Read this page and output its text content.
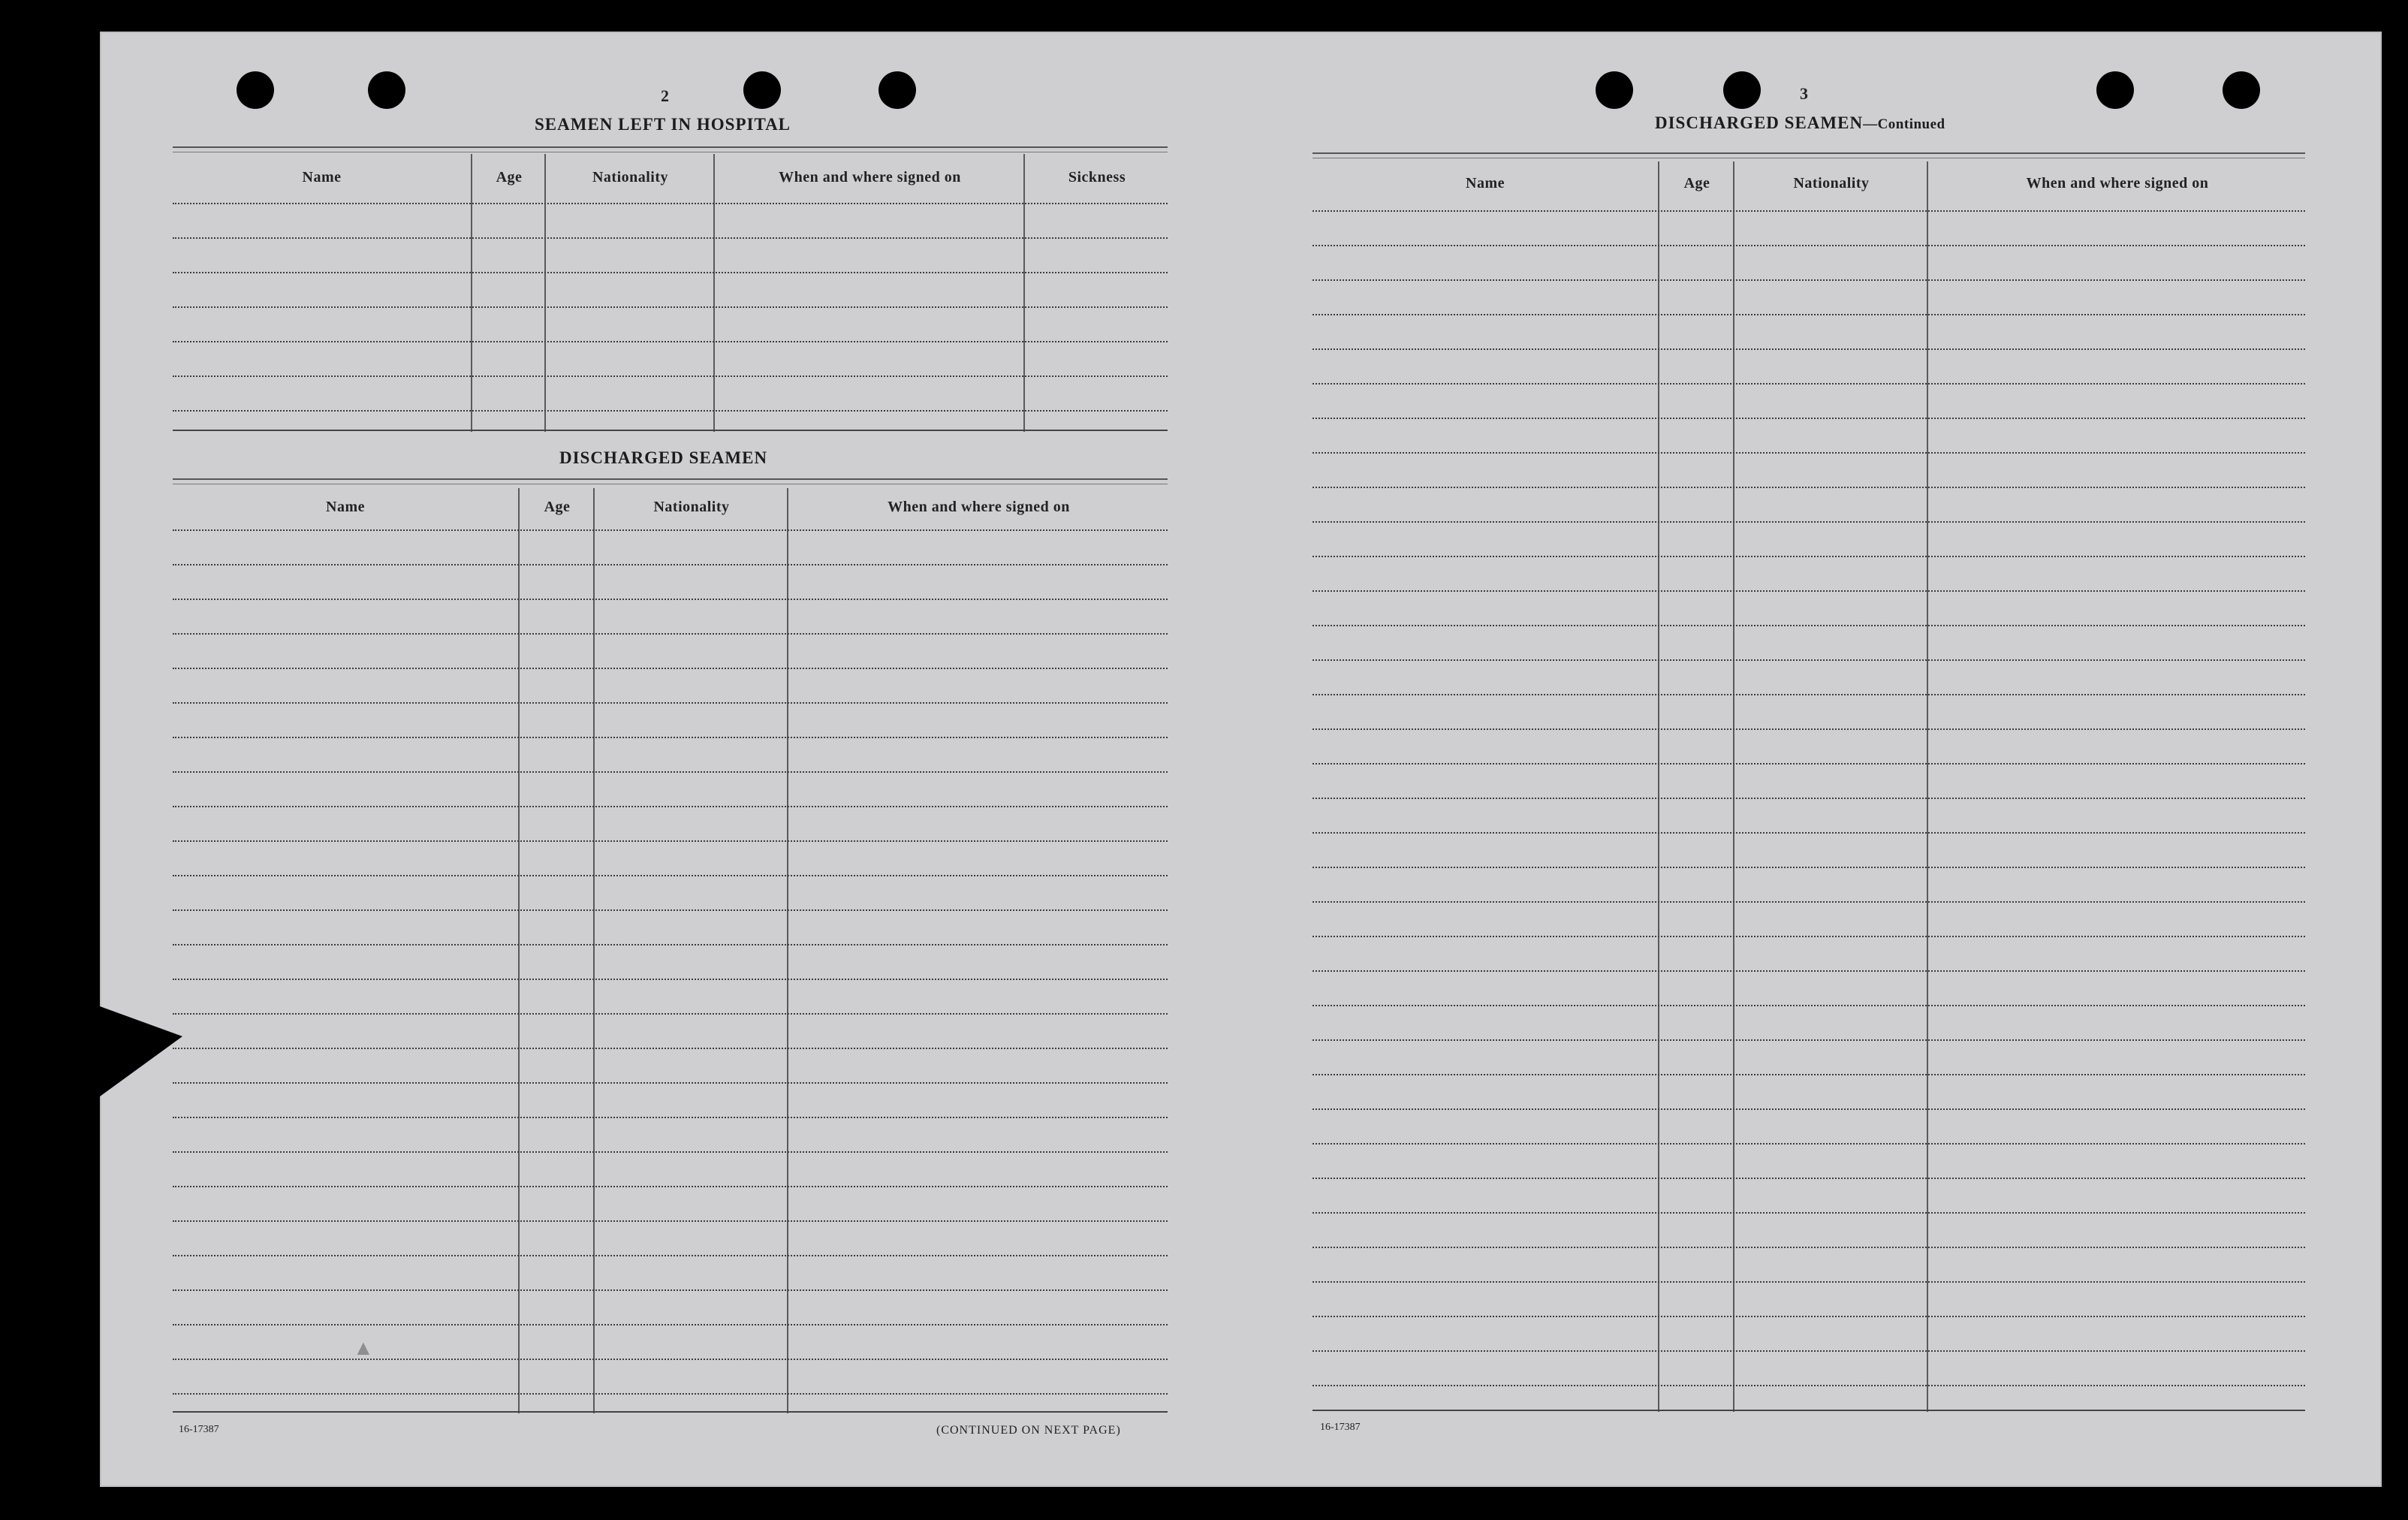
2
SEAMEN LEFT IN HOSPITAL
Name	Age	Nationality	When and where signed on	Sickness
DISCHARGED SEAMEN
Name	Age	Nationality	When and where signed on
16-17387	(CONTINUED ON NEXT PAGE)
▲
3
DISCHARGED SEAMEN—Continued
Name	Age	Nationality	When and where signed on
16-17387
